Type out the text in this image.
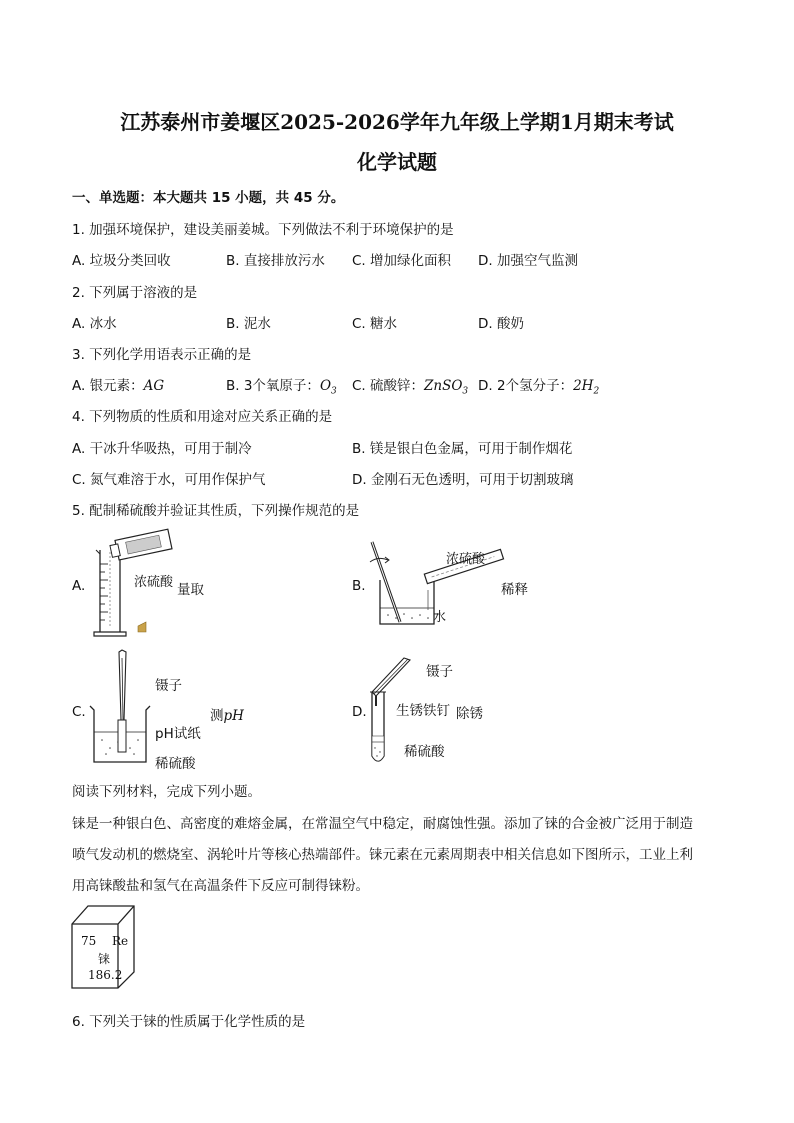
江苏泰州市姜堰区2025-2026学年九年级上学期1月期末考试
化学试题
一、单选题：本大题共 15 小题，共 45 分。
1. 加强环境保护，建设美丽姜城。下列做法不利于环境保护的是
A. 垃圾分类回收	B. 直接排放污水 C. 增加绿化面积 D. 加强空气监测
2. 下列属于溶液的是
A. 冰水	B. 泥水	C. 糖水	D. 酸奶
3. 下列化学用语表示正确的是
A. 银元素：AG	B. 3个氧原子：$O_3$ C. 硫酸锌：ZnSO$_3$ D. 2个氢分子：$2H_2$
4. 下列物质的性质和用途对应关系正确的是
A. 干冰升华吸热，可用于制冷	B. 镁是银白色金属，可用于制作烟花
C. 氮气难溶于水，可用作保护气	D. 金刚石无色透明，可用于切割玻璃
5. 配制稀硫酸并验证其性质，下列操作规范的是
A.	浓硫酸 量取	B.
浓硫酸
稀释
水
C.
镊子
测pH
pH试纸
稀硫酸
D.
镊子
生锈铁钉 除锈
稀硫酸
阅读下列材料，完成下列小题。
铼是一种银白色、高密度的难熔金属，在常温空气中稳定，耐腐蚀性强。添加了铼的合金被广泛用于制造
喷气发动机的燃烧室、涡轮叶片等核心热端部件。铼元素在元素周期表中相关信息如下图所示，工业上利
用高铼酸盐和氢气在高温条件下反应可制得铼粉。
75 Re
铼
186.2
6. 下列关于铼的性质属于化学性质的是
